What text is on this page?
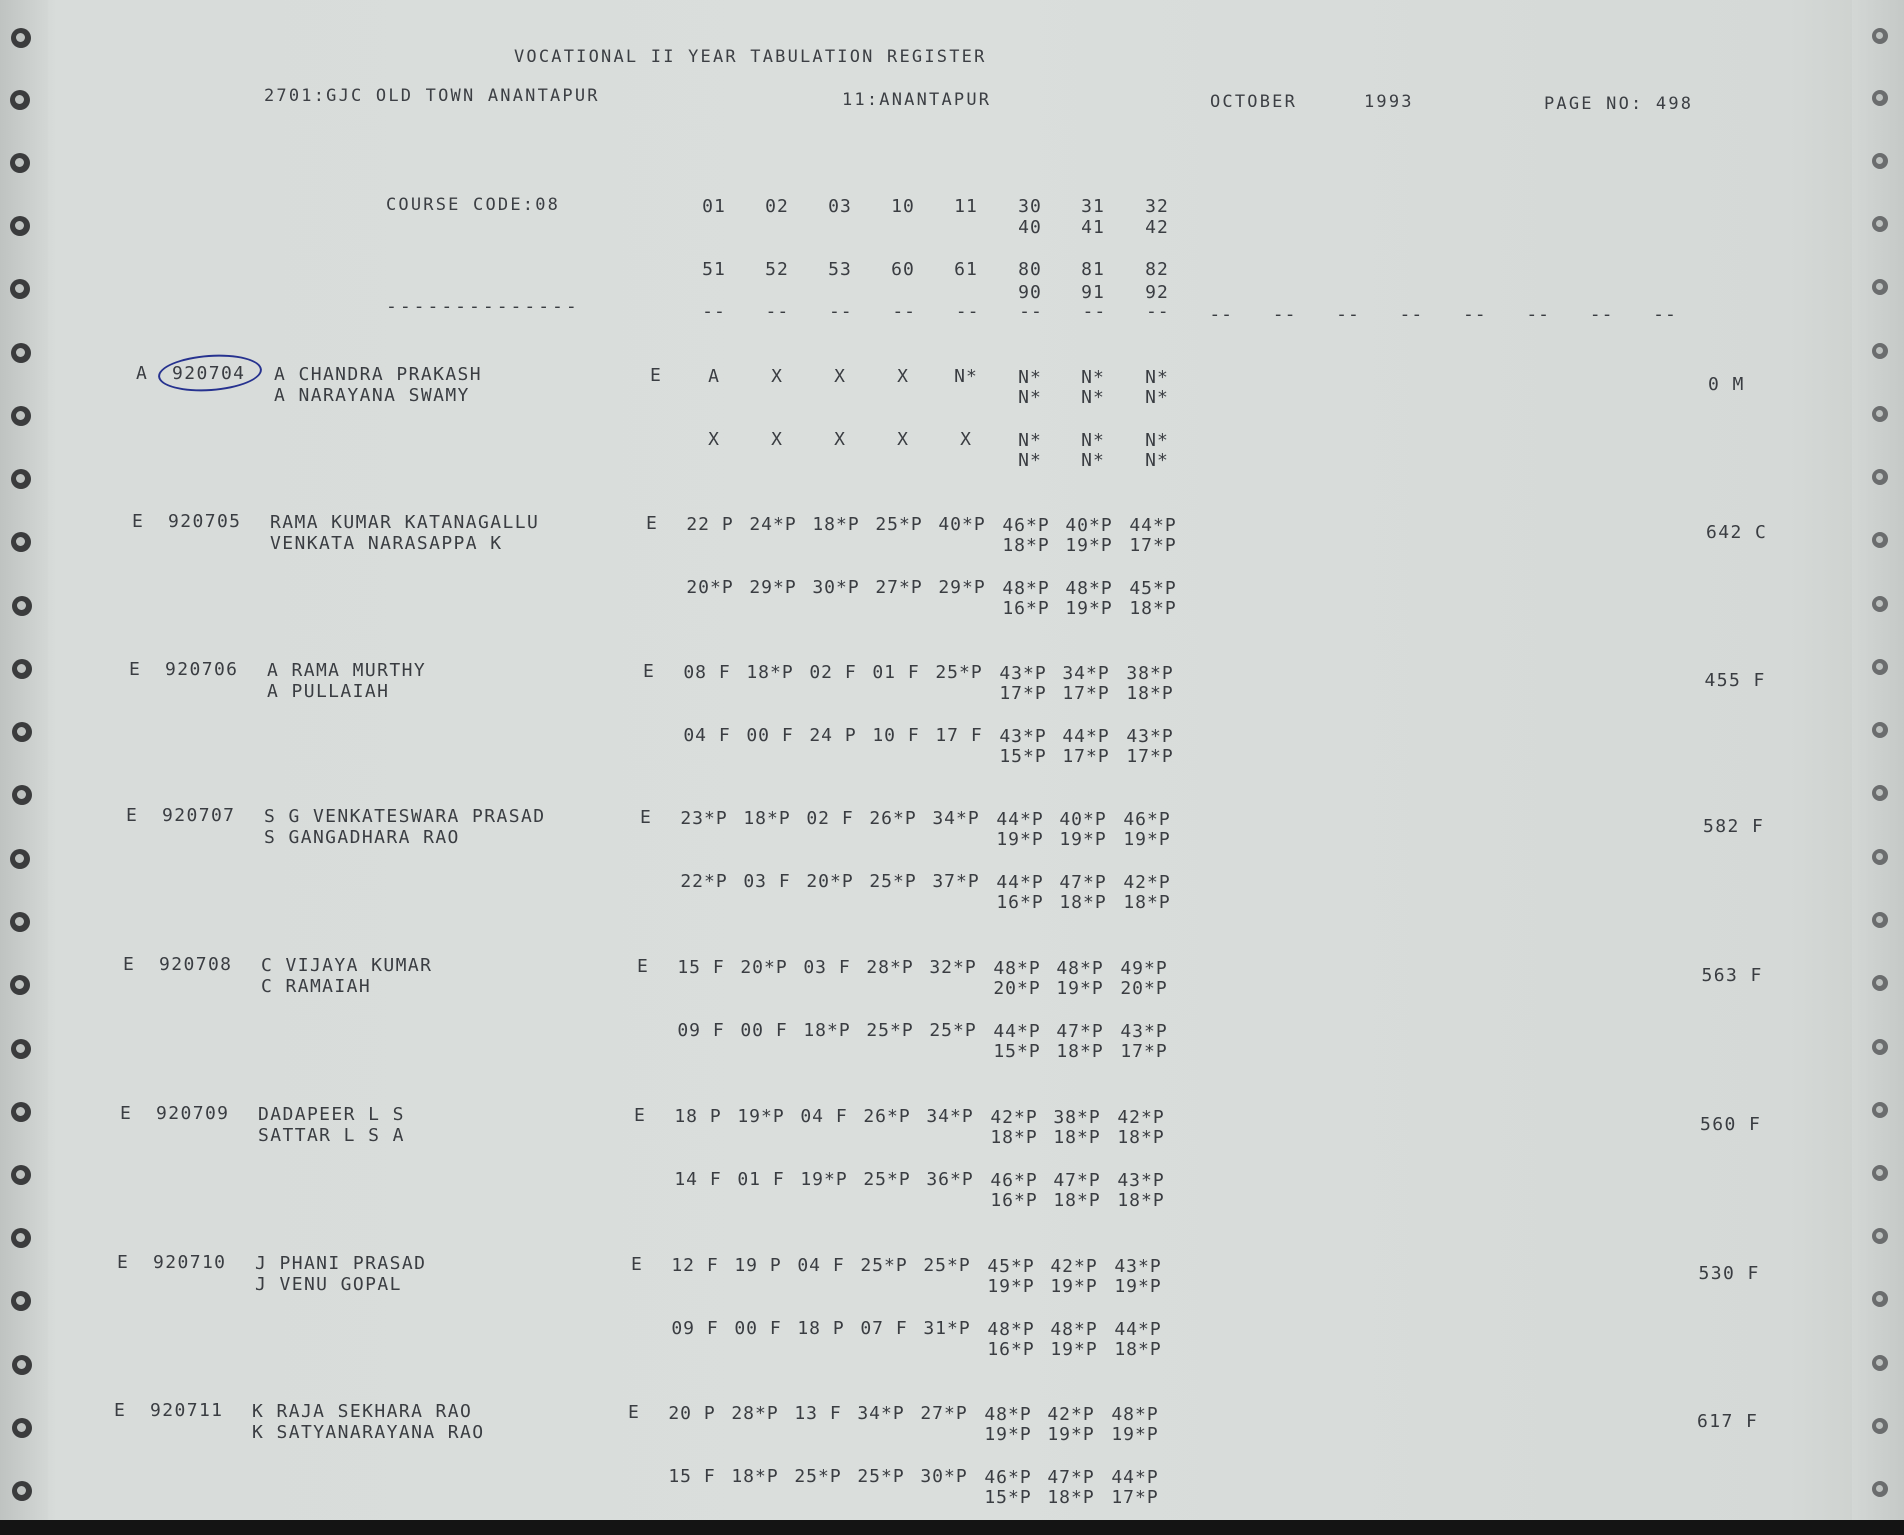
VOCATIONAL II YEAR TABULATION REGISTER
2701:GJC OLD TOWN ANANTAPUR	11:ANANTAPUR	OCTOBER	1993	PAGE NO: 498
COURSE CODE:08
--------------
01	02	03	10	11	30	31	32
40	41	42
51	52	53	60	61	80	81	82
90	91	92
--	--	--	--	--	--	--	--	--	--	--	--	--	--	--	--
A 920704 A CHANDRA PRAKASH
A NARAYANA SWAMY
E	A	X	X	X	N*	N*	N*	N*
N*	N*	N*
X	X	X	X	X	N*	N*	N*
N*	N*	N*
0 M
E 920705 RAMA KUMAR KATANAGALLU
VENKATA NARASAPPA K
E	22 P 24*P 18*P 25*P 40*P 46*P 40*P 44*P
18*P 19*P 17*P
20*P 29*P 30*P 27*P 29*P 48*P 48*P 45*P
16*P 19*P 18*P
642 C
E 920706 A RAMA MURTHY
A PULLAIAH
E	08 F 18*P 02 F 01 F 25*P 43*P 34*P 38*P
17*P 17*P 18*P
04 F 00 F 24 P 10 F 17 F 43*P 44*P 43*P
15*P 17*P 17*P
455 F
E 920707 S G VENKATESWARA PRASAD
S GANGADHARA RAO
E	23*P 18*P 02 F 26*P 34*P 44*P 40*P 46*P
19*P 19*P 19*P
22*P 03 F 20*P 25*P 37*P 44*P 47*P 42*P
16*P 18*P 18*P
582 F
E 920708 C VIJAYA KUMAR
C RAMAIAH
E	15 F 20*P 03 F 28*P 32*P 48*P 48*P 49*P
20*P 19*P 20*P
09 F 00 F 18*P 25*P 25*P 44*P 47*P 43*P
15*P 18*P 17*P
563 F
E 920709 DADAPEER L S
SATTAR L S A
E	18 P 19*P 04 F 26*P 34*P 42*P 38*P 42*P
18*P 18*P 18*P
14 F 01 F 19*P 25*P 36*P 46*P 47*P 43*P
16*P 18*P 18*P
560 F
E 920710 J PHANI PRASAD
J VENU GOPAL
E	12 F 19 P 04 F 25*P 25*P 45*P 42*P 43*P
19*P 19*P 19*P
09 F 00 F 18 P 07 F 31*P 48*P 48*P 44*P
16*P 19*P 18*P
530 F
E 920711 K RAJA SEKHARA RAO
K SATYANARAYANA RAO
E	20 P 28*P 13 F 34*P 27*P 48*P 42*P 48*P
19*P 19*P 19*P
15 F 18*P 25*P 25*P 30*P 46*P 47*P 44*P
15*P 18*P 17*P
617 F
